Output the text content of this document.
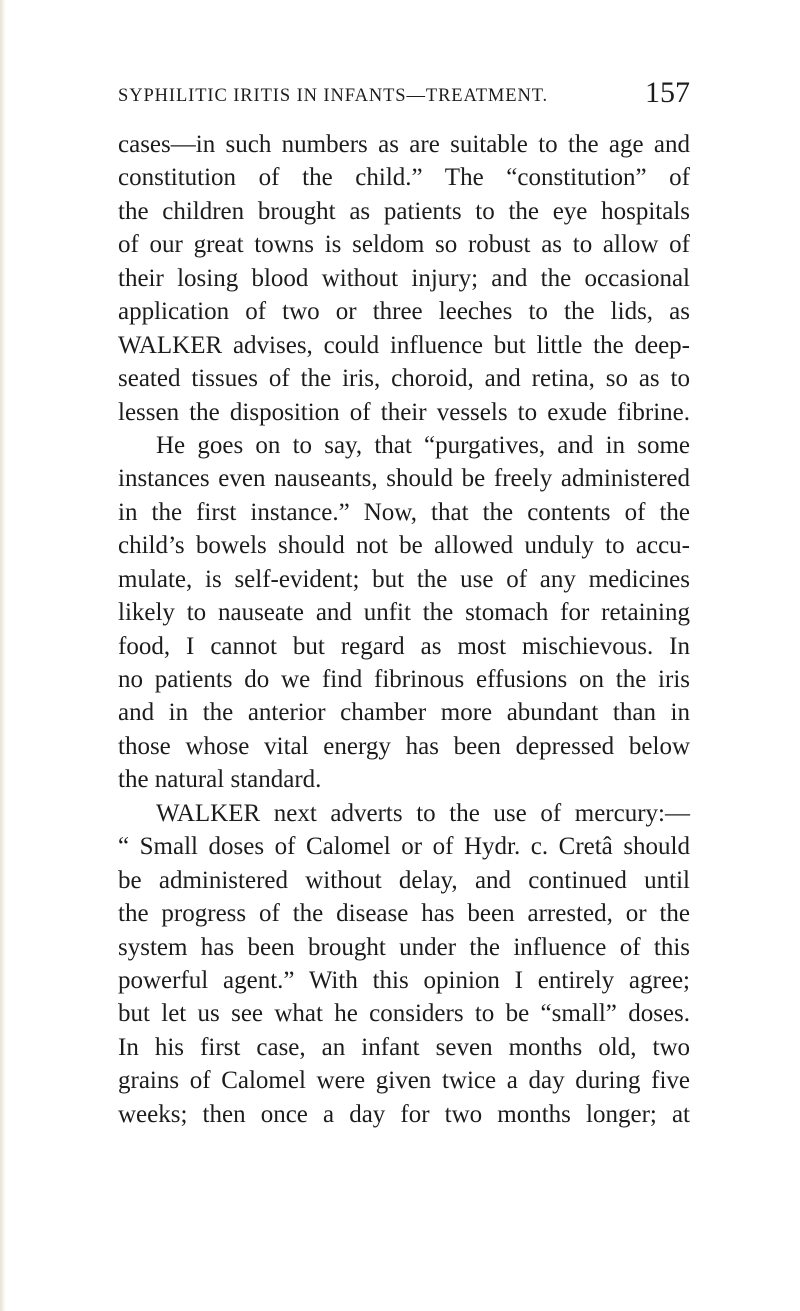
SYPHILITIC IRITIS IN INFANTS—TREATMENT.	157
cases—in such numbers as are suitable to the age and
constitution of the child.” The “constitution” of
the children brought as patients to the eye hospitals
of our great towns is seldom so robust as to allow of
their losing blood without injury; and the occasional
application of two or three leeches to the lids, as
WALKER advises, could influence but little the deep-
seated tissues of the iris, choroid, and retina, so as to
lessen the disposition of their vessels to exude fibrine.
He goes on to say, that “purgatives, and in some
instances even nauseants, should be freely administered
in the first instance.” Now, that the contents of the
child’s bowels should not be allowed unduly to accu-
mulate, is self-evident; but the use of any medicines
likely to nauseate and unfit the stomach for retaining
food, I cannot but regard as most mischievous. In
no patients do we find fibrinous effusions on the iris
and in the anterior chamber more abundant than in
those whose vital energy has been depressed below
the natural standard.
WALKER next adverts to the use of mercury:—
“ Small doses of Calomel or of Hydr. c. Cretâ should
be administered without delay, and continued until
the progress of the disease has been arrested, or the
system has been brought under the influence of this
powerful agent.” With this opinion I entirely agree;
but let us see what he considers to be “small” doses.
In his first case, an infant seven months old, two
grains of Calomel were given twice a day during five
weeks; then once a day for two months longer; at
